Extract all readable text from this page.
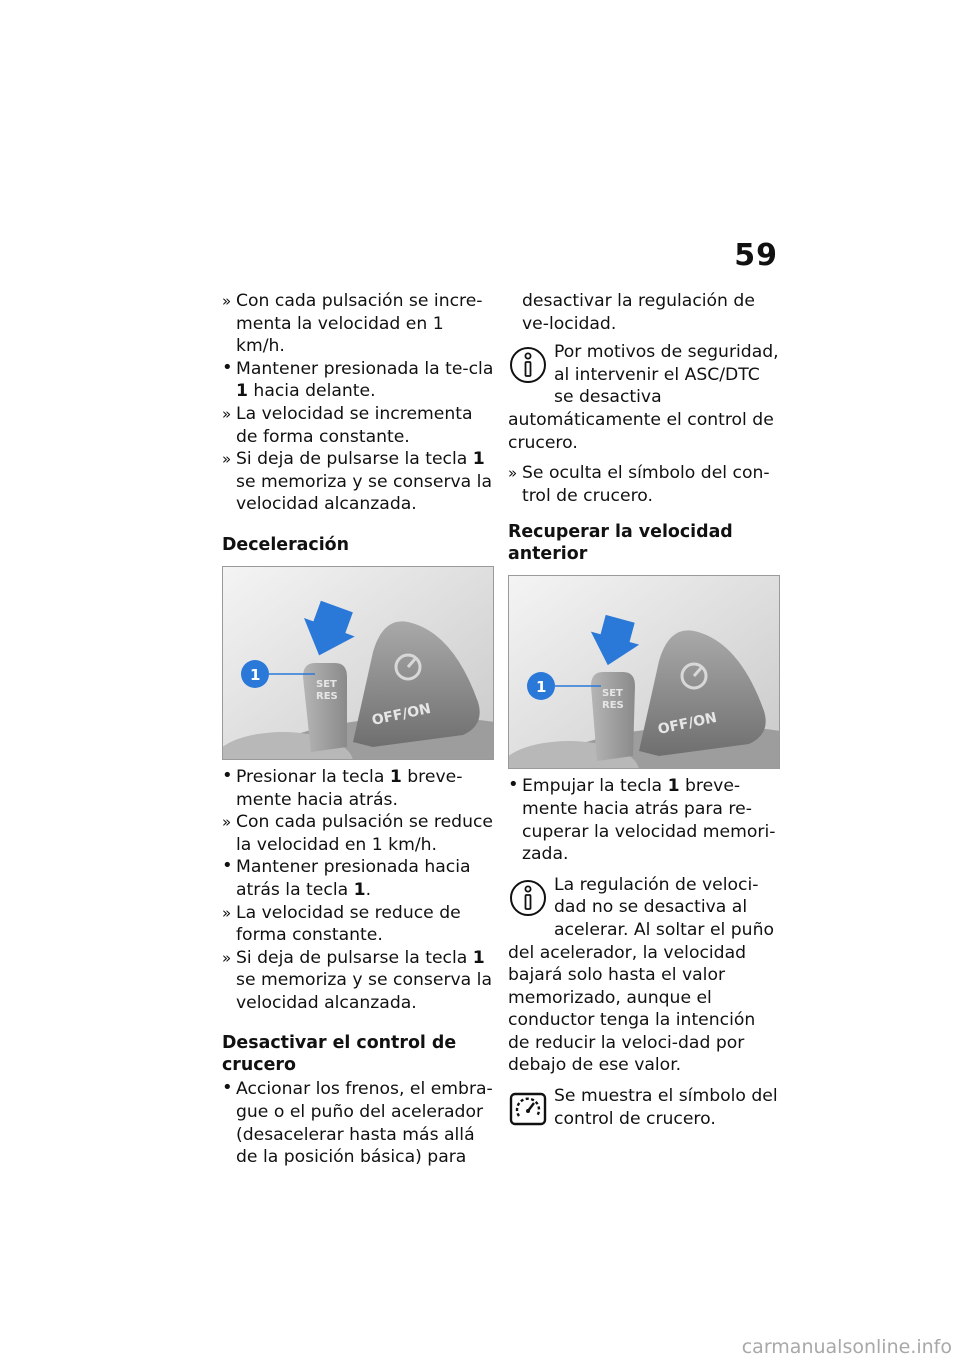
59

» Con cada pulsación se incre-menta la velocidad en 1 km/h.

• Mantener presionada la te-cla 1 hacia delante.

» La velocidad se incrementa de forma constante.

» Si deja de pulsarse la tecla 1 se memoriza y se conserva la velocidad alcanzada.

Deceleración
SET
RES
OFF/ON
1

• Presionar la tecla 1 breve-mente hacia atrás.

» Con cada pulsación se reduce la velocidad en 1 km/h.

• Mantener presionada hacia atrás la tecla 1.

» La velocidad se reduce de forma constante.

» Si deja de pulsarse la tecla 1 se memoriza y se conserva la velocidad alcanzada.

Desactivar el control de crucero

• Accionar los frenos, el embra-gue o el puño del acelerador (desacelerar hasta más allá de la posición básica) para

desactivar la regulación de ve-locidad.

Por motivos de seguridad, al intervenir el ASC/DTC se desactiva automáticamente el control de crucero.

» Se oculta el símbolo del con-trol de crucero.

Recuperar la velocidad anterior
SET
RES
OFF/ON
1

• Empujar la tecla 1 breve-mente hacia atrás para re-cuperar la velocidad memori-zada.

La regulación de veloci-dad no se desactiva al acelerar. Al soltar el puño del acelerador, la velocidad bajará solo hasta el valor memorizado, aunque el conductor tenga la intención de reducir la veloci-dad por debajo de ese valor.
Se muestra el símbolo del control de crucero.
carmanualsonline.info
